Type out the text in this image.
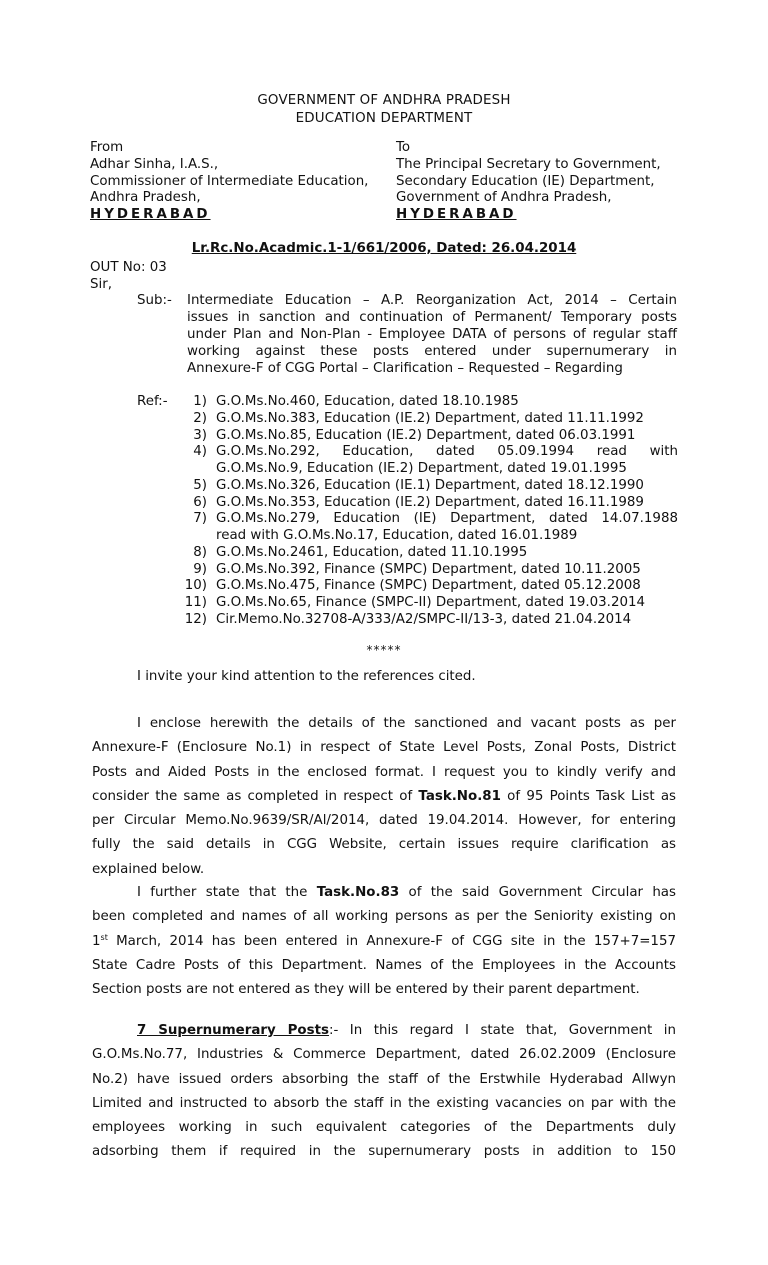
GOVERNMENT OF ANDHRA PRADESH
EDUCATION DEPARTMENT
From
Adhar Sinha, I.A.S.,
Commissioner of Intermediate Education,
Andhra Pradesh,
HYDERABAD
To
The Principal Secretary to Government,
Secondary Education (IE) Department,
Government of Andhra Pradesh,
HYDERABAD
Lr.Rc.No.Acadmic.1-1/661/2006, Dated: 26.04.2014
OUT No: 03
Sir,
Sub:- Intermediate Education – A.P. Reorganization Act, 2014 – Certain
issues in sanction and continuation of Permanent/ Temporary posts
under Plan and Non-Plan - Employee DATA of persons of regular staff
working against these posts entered under supernumerary in
Annexure-F of CGG Portal – Clarification – Requested – Regarding
Ref:-	1) G.O.Ms.No.460, Education, dated 18.10.1985
2) G.O.Ms.No.383, Education (IE.2) Department, dated 11.11.1992
3) G.O.Ms.No.85, Education (IE.2) Department, dated 06.03.1991
4) G.O.Ms.No.292, Education, dated 05.09.1994 read with
G.O.Ms.No.9, Education (IE.2) Department, dated 19.01.1995
5) G.O.Ms.No.326, Education (IE.1) Department, dated 18.12.1990
6) G.O.Ms.No.353, Education (IE.2) Department, dated 16.11.1989
7) G.O.Ms.No.279, Education (IE) Department, dated 14.07.1988
read with G.O.Ms.No.17, Education, dated 16.01.1989
8) G.O.Ms.No.2461, Education, dated 11.10.1995
9) G.O.Ms.No.392, Finance (SMPC) Department, dated 10.11.2005
10) G.O.Ms.No.475, Finance (SMPC) Department, dated 05.12.2008
11) G.O.Ms.No.65, Finance (SMPC-II) Department, dated 19.03.2014
12) Cir.Memo.No.32708-A/333/A2/SMPC-II/13-3, dated 21.04.2014
*****
I invite your kind attention to the references cited.
I enclose herewith the details of the sanctioned and vacant posts as per
Annexure-F (Enclosure No.1) in respect of State Level Posts, Zonal Posts, District
Posts and Aided Posts in the enclosed format. I request you to kindly verify and
consider the same as completed in respect of Task.No.81 of 95 Points Task List as
per Circular Memo.No.9639/SR/Al/2014, dated 19.04.2014. However, for entering
fully the said details in CGG Website, certain issues require clarification as
explained below.
I further state that the Task.No.83 of the said Government Circular has
been completed and names of all working persons as per the Seniority existing on
1st March, 2014 has been entered in Annexure-F of CGG site in the 157+7=157
State Cadre Posts of this Department. Names of the Employees in the Accounts
Section posts are not entered as they will be entered by their parent department.
7 Supernumerary Posts:- In this regard I state that, Government in
G.O.Ms.No.77, Industries & Commerce Department, dated 26.02.2009 (Enclosure
No.2) have issued orders absorbing the staff of the Erstwhile Hyderabad Allwyn
Limited and instructed to absorb the staff in the existing vacancies on par with the
employees working in such equivalent categories of the Departments duly
adsorbing them if required in the supernumerary posts in addition to 150
